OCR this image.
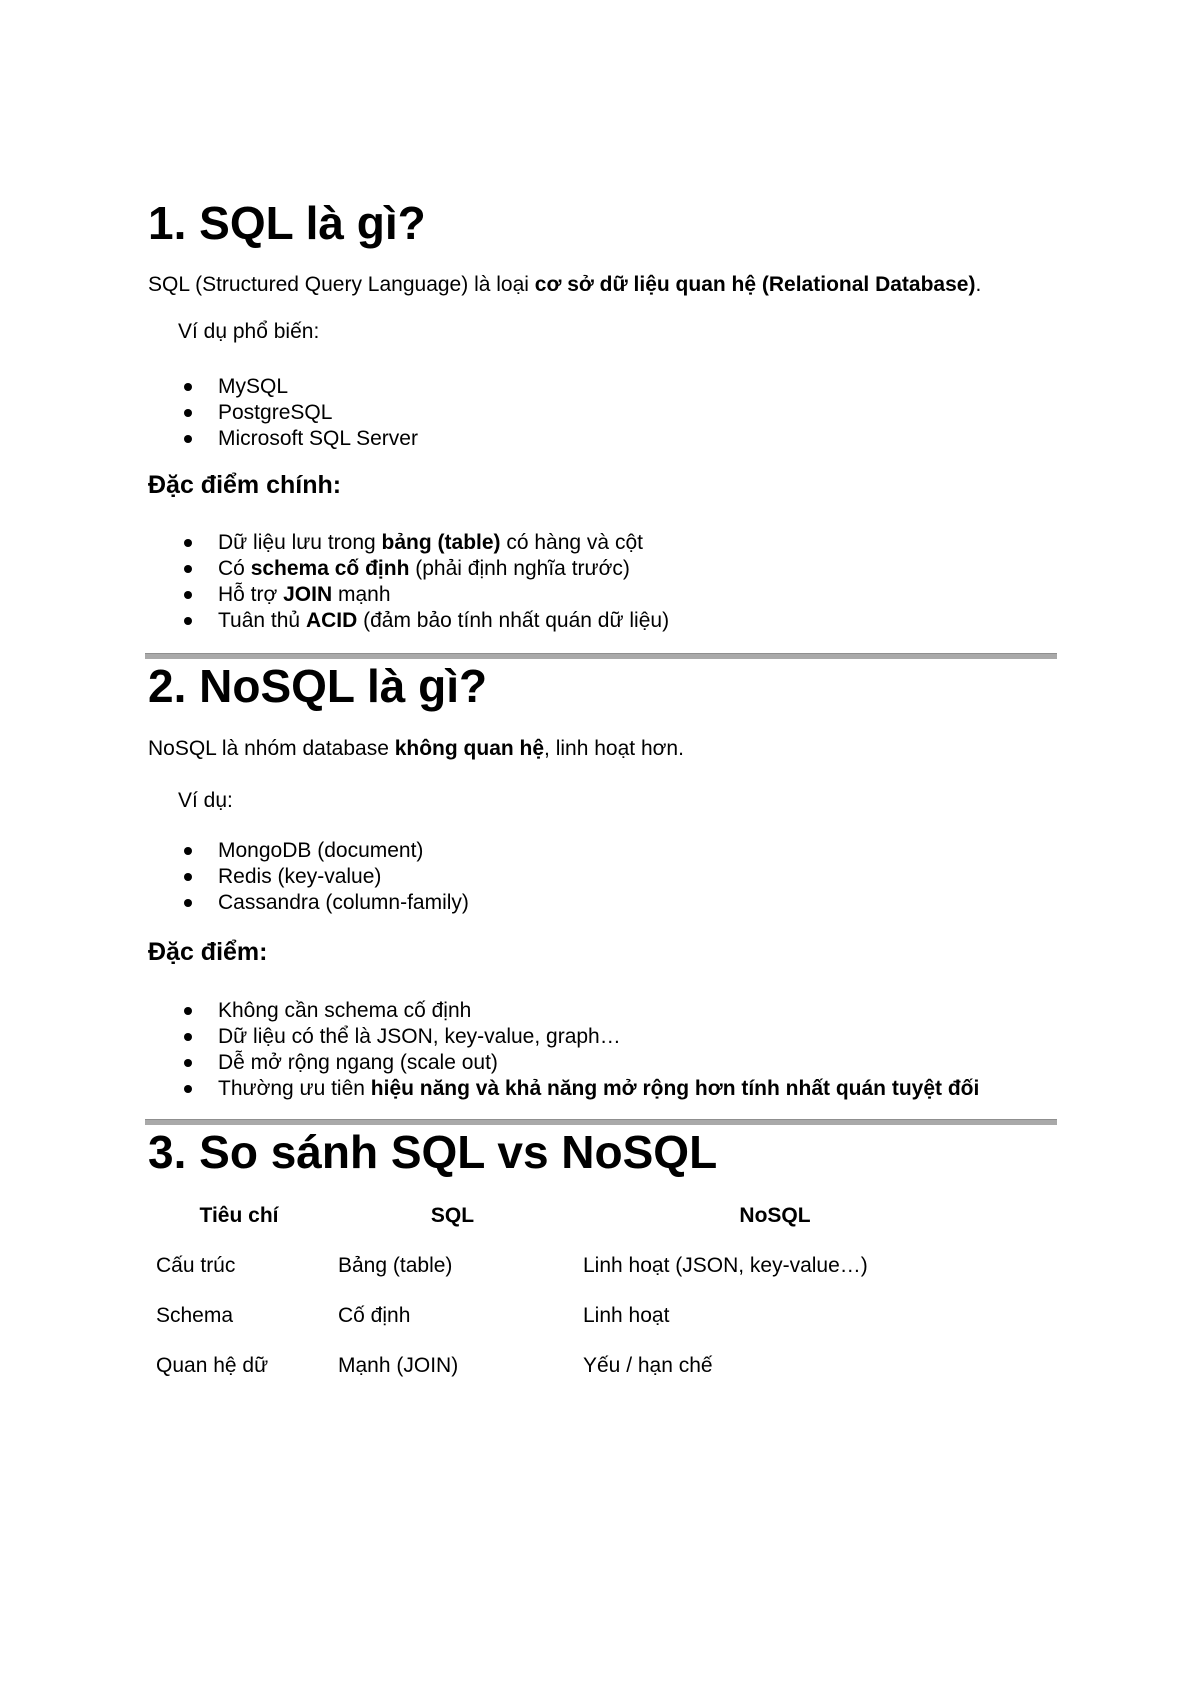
1. SQL là gì?

SQL (Structured Query Language) là loại cơ sở dữ liệu quan hệ (Relational Database).

Ví dụ phổ biến:

MySQL
PostgreSQL
Microsoft SQL Server
Đặc điểm chính:
Dữ liệu lưu trong bảng (table) có hàng và cột
Có schema cố định (phải định nghĩa trước)
Hỗ trợ JOIN mạnh
Tuân thủ ACID (đảm bảo tính nhất quán dữ liệu)
2. NoSQL là gì?

NoSQL là nhóm database không quan hệ, linh hoạt hơn.

Ví dụ:

MongoDB (document)
Redis (key-value)
Cassandra (column-family)
Đặc điểm:
Không cần schema cố định
Dữ liệu có thể là JSON, key-value, graph…
Dễ mở rộng ngang (scale out)
Thường ưu tiên hiệu năng và khả năng mở rộng hơn tính nhất quán tuyệt đối
3. So sánh SQL vs NoSQL
Tiêu chí	SQL	NoSQL
Cấu trúc	Bảng (table)	Linh hoạt (JSON, key-value…)
Schema	Cố định	Linh hoạt
Quan hệ dữ	Mạnh (JOIN)	Yếu / hạn chế
